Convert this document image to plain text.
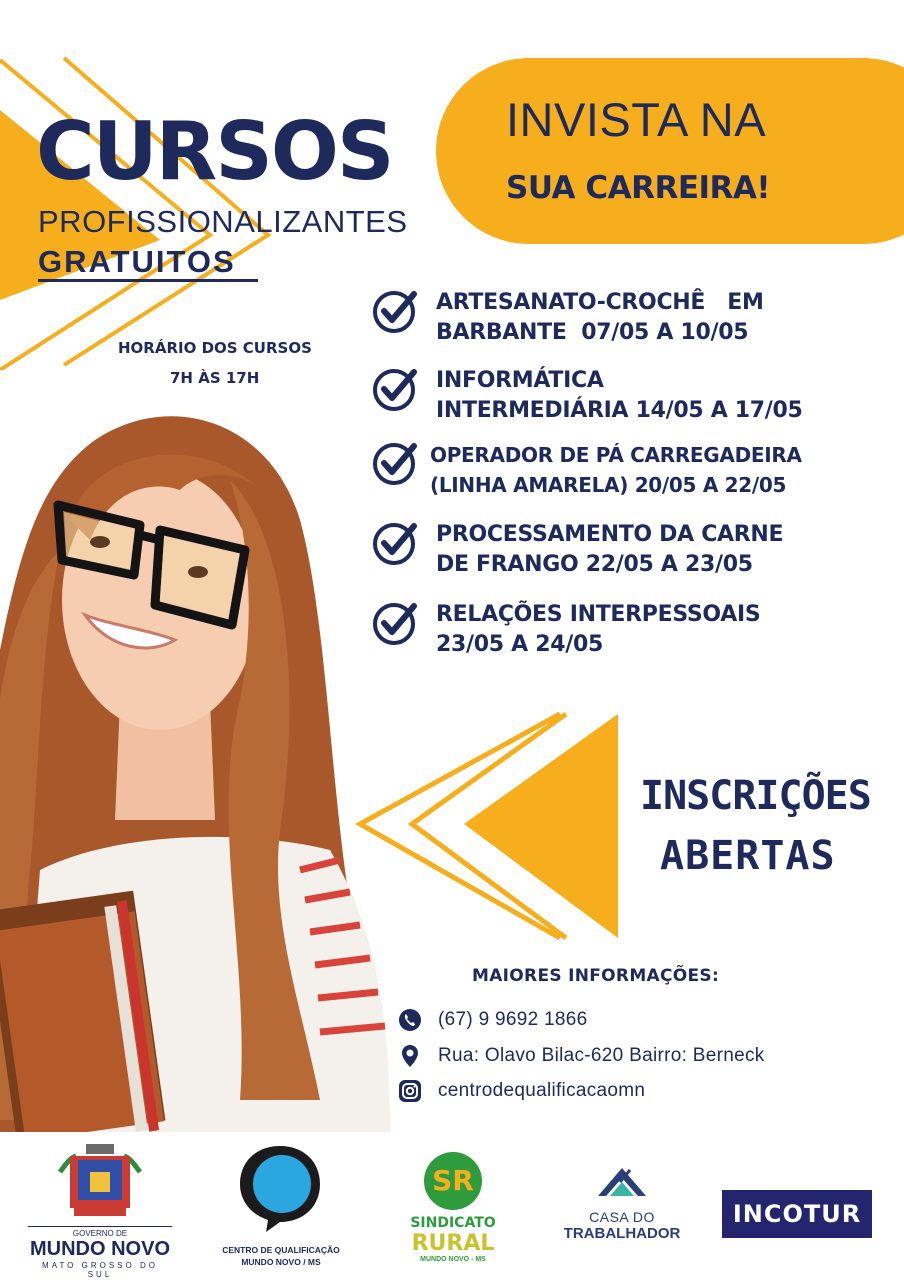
INVISTA NA
SUA CARREIRA!
CURSOS
PROFISSIONALIZANTES
GRATUITOS
HORÁRIO DOS CURSOS
7H ÀS 17H
ARTESANATO-CROCHÊ   EM
BARBANTE  07/05 A 10/05
INFORMÁTICA
INTERMEDIÁRIA 14/05 A 17/05
OPERADOR DE PÁ CARREGADEIRA
(LINHA AMARELA) 20/05 A 22/05
PROCESSAMENTO DA CARNE
DE FRANGO 22/05 A 23/05
RELAÇÕES INTERPESSOAIS
23/05 A 24/05
INSCRIÇÕES
ABERTAS
MAIORES INFORMAÇÕES:
(67) 9 9692 1866
Rua: Olavo Bilac-620 Bairro: Berneck
centrodequalificacaomn
GOVERNO DE
MUNDO NOVO
MATO GROSSO DO SUL
CENTRO DE QUALIFICAÇÃO
MUNDO NOVO / MS
SR
SINDICATO
RURAL
MUNDO NOVO - MS
CASA DO
TRABALHADOR
INCOTUR
